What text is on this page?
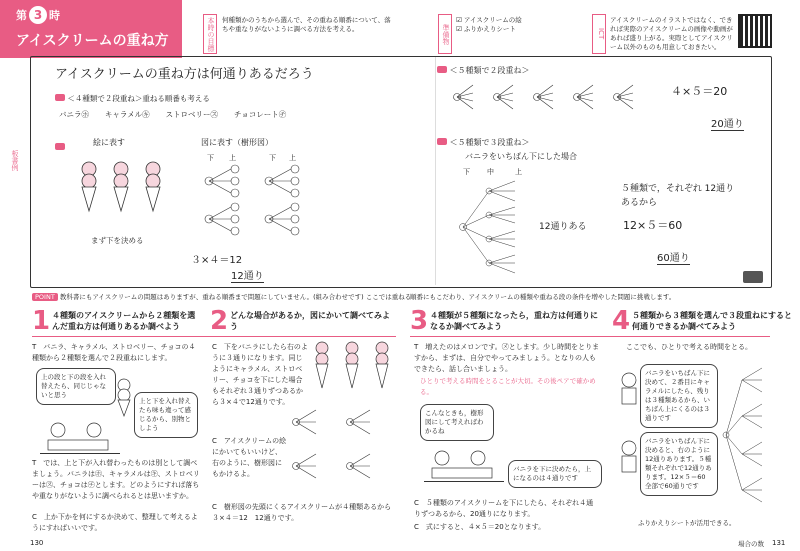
第 3 時
アイスクリームの重ね方	本時の目標	何種類かのうちから選んで、その重ねる順番について、落ちや重なりがないように調べる方法を考える。	準備物
☑ アイスクリームの絵
☑ ふりかえりシート	ICT
アイスクリームのイラストではなく、できれば実際のアイスクリームの画像や動画があれば盛り上がる。実際としてアイスクリーム以外のものも用意しておきたい。
板書例
アイスクリームの重ね方は何通りあるだろう
＜４種類で２段重ね＞重ねる順番も考える
バニラ㋭　 キャラメル㋖　 ストロベリー㋜　 チョコレート㋠
絵に表す
まず下を決める
図に表す（樹形図）
下 上	下 上
３×４＝12
12通り
＜５種類で２段重ね＞
４×５＝20
20通り
＜５種類で３段重ね＞
バニラをいちばん下にした場合
下 中	上
12通りある
５種類で，それぞれ 12通り
あるから
12×５＝60
60通り
POINT 教科書にもアイスクリームの問題はありますが、重ねる順番まで問題にしていません。(組み合わせです) ここでは重ねる
順番にもこだわり、アイスクリームの種類や重ねる段の条件を増やした問題に挑戦します。
1 ４種類のアイスクリームから２種類を選んだ重ね方は何通りあるか調べよう	2 どんな場合があるか，図にかいて調べてみよう	3 ４種類が５種類になったら，重ね方は何通りになるか調べてみよう	4 ５種類から３種類を選んで３段重ねにすると何通りできるか調べてみよう
T　バニラ、キャラメル、ストロベリー、チョコの４種類から２種類を選んで２段重ねにします。
上の段と下の段を入れ替えたら、同じじゃないと思う
上と下を入れ替えたら味も違って感じるから、別物としよう
T　では、上と下が入れ替わったものは別として調べましょう。バニラは㋭、キャラメルは㋖、ストロベリーは㋜、チョコは㋠とします。どのようにすれば落ちや重なりがないように調べられるとは思いますか。
C　上か下かを何にするか決めて、整理して考えるようにすればいいです。
C　下をバニラにしたら右のように３通りになります。同じようにキャラメル、ストロベリー、チョコを下にした場合もそれぞれ３通りずつあるから３×４で12通りです。
C　アイスクリームの絵にかいてもいいけど、右のように、樹形図にもかけるよ。
C　樹形図の先頭にくるアイスクリームが４種類あるから３×４＝12　12通りです。
T　増えたのはメロンです。㋱とします。少し時間をとりますから、まずは、自分でやってみましょう。となりの人もできたら、話し合いましょう。
ひとりで考える時間をとることが大切。その後ペアで確かめる。
こんなときも，樹形図にして考えればわかるね
バニラを下に決めたら，上になるのは４通りです
C　５種類のアイスクリームを下にしたら、それぞれ４通りずつあるから、20通りになります。
C　式にすると、４×５＝20となります。
ここでも、ひとりで考える時間をとる。
バニラをいちばん下に決めて、２番目にキャラメルにしたら、残りは３種類あるから、いちばん上にくるのは３通りです
バニラをいちばん下に決めると、右のように12通りあります。５種類それぞれで12通りあります。12×５＝60　全部で60通りです
ふりかえりシートが活用できる。
130	場合の数 131
